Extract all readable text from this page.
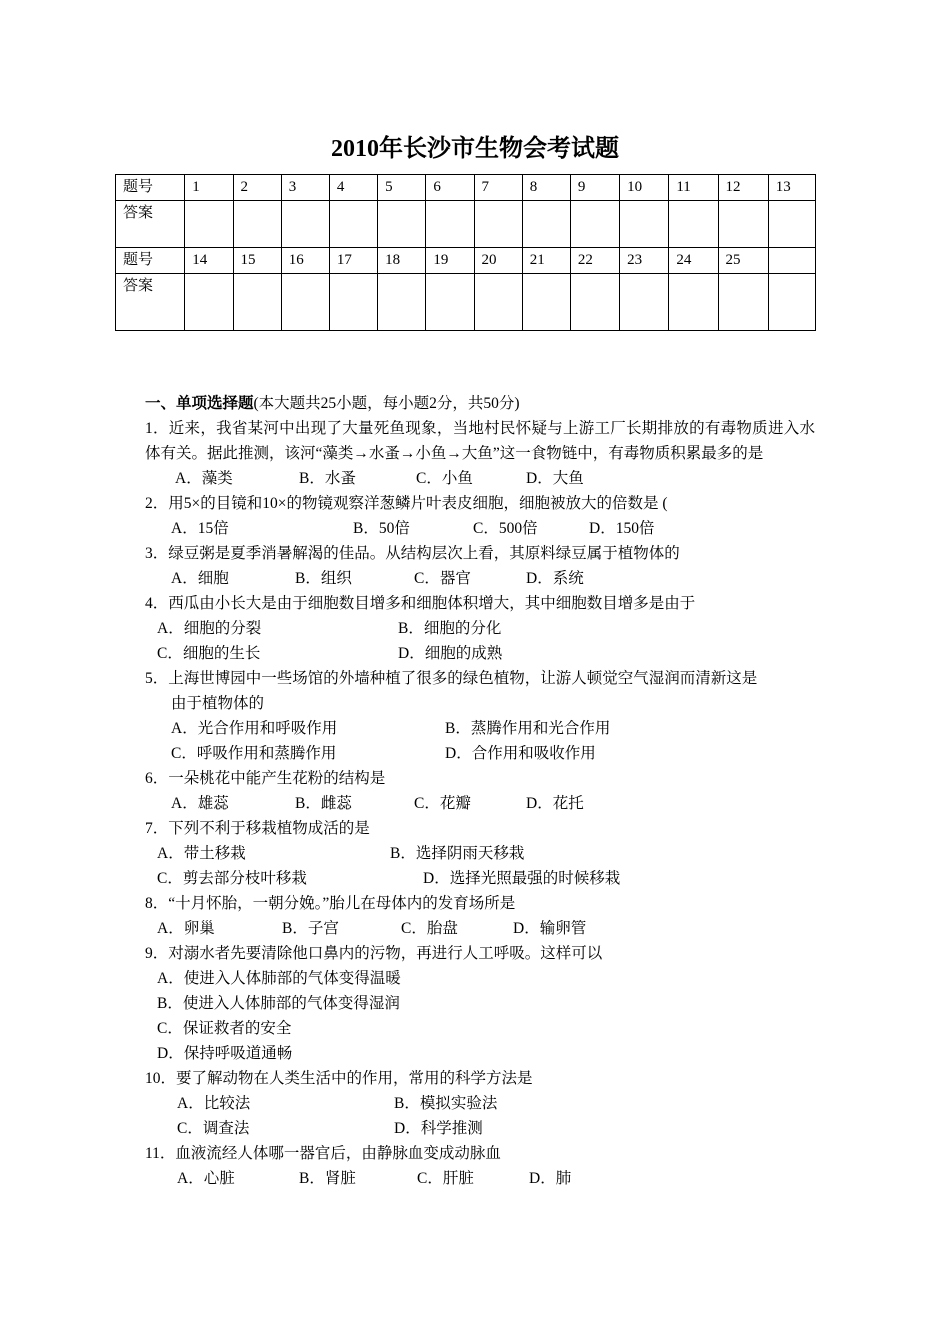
2010年长沙市生物会考试题
题号	1	2	3	4	5	6	7	8	9	10	11	12	13
答案													
题号	14	15	16	17	18	19	20	21	22	23	24	25	
答案													
一、单项选择题(本大题共25小题，每小题2分，共50分)
1．近来，我省某河中出现了大量死鱼现象，当地村民怀疑与上游工厂长期排放的有毒物质进入水体有关。据此推测，该河“藻类→水蚤→小鱼→大鱼”这一食物链中，有毒物质积累最多的是
A．藻类	B．水蚤	C．小鱼	D．大鱼
2．用5×的目镜和10×的物镜观察洋葱鳞片叶表皮细胞，细胞被放大的倍数是 (
A．15倍	B．50倍	C．500倍	D．150倍
3．绿豆粥是夏季消暑解渴的佳品。从结构层次上看，其原料绿豆属于植物体的
A．细胞	B．组织	C．器官	D．系统
4．西瓜由小长大是由于细胞数目增多和细胞体积增大，其中细胞数目增多是由于
A．细胞的分裂	B．细胞的分化
C．细胞的生长	D．细胞的成熟
5．上海世博园中一些场馆的外墙种植了很多的绿色植物，让游人顿觉空气湿润而清新这是
由于植物体的
A．光合作用和呼吸作用	B．蒸腾作用和光合作用
C．呼吸作用和蒸腾作用	D．合作用和吸收作用
6．一朵桃花中能产生花粉的结构是
A．雄蕊	B．雌蕊	C．花瓣	D．花托
7．下列不利于移栽植物成活的是
A．带土移栽	B．选择阴雨天移栽
C．剪去部分枝叶移栽	D．选择光照最强的时候移栽
8．“十月怀胎，一朝分娩。”胎儿在母体内的发育场所是
A．卵巢	B．子宫	C．胎盘	D．输卵管
9．对溺水者先要清除他口鼻内的污物，再进行人工呼吸。这样可以
A．使进入人体肺部的气体变得温暖
B．使进入人体肺部的气体变得湿润
C．保证救者的安全
D．保持呼吸道通畅
10．要了解动物在人类生活中的作用，常用的科学方法是
A．比较法	B．模拟实验法
C．调查法	D．科学推测
11．血液流经人体哪一器官后，由静脉血变成动脉血
A．心脏	B．肾脏	C．肝脏	D．肺
